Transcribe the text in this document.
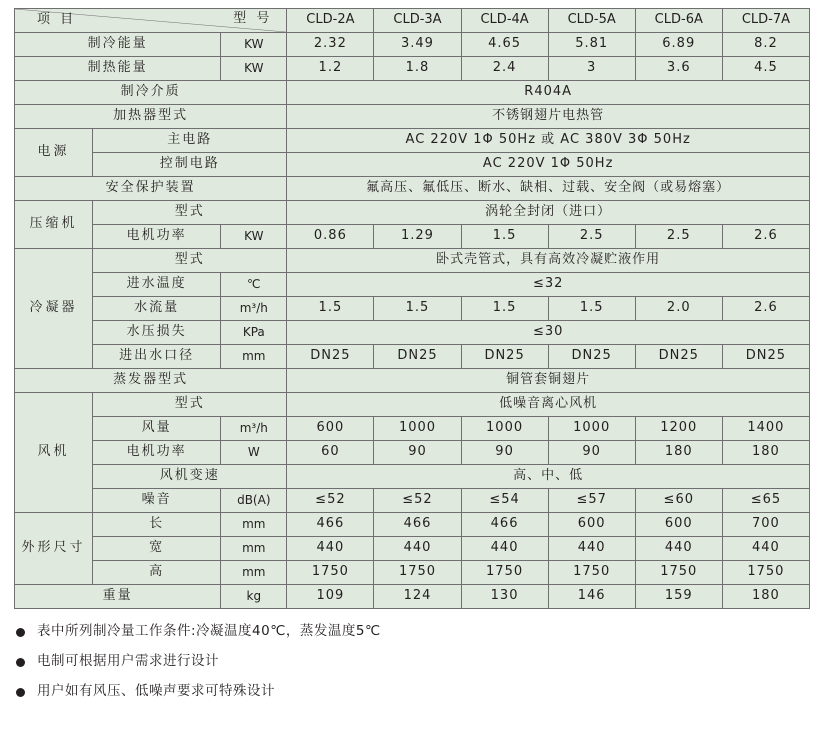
型 号
项 目			CLD-2A	CLD-3A	CLD-4A	CLD-5A	CLD-6A	CLD-7A
制冷能量		KW	2.32	3.49	4.65	5.81	6.89	8.2
制热能量		KW	1.2	1.8	2.4	3	3.6	4.5
制冷介质			R404A					
加热器型式			不锈钢翅片电热管					
电源	主电路		AC 220V 1Φ 50Hz 或 AC 380V 3Φ 50Hz					
	控制电路		AC 220V 1Φ 50Hz					
安全保护装置			氟高压、氟低压、断水、缺相、过载、安全阀（或易熔塞）					
压缩机	型式		涡轮全封闭（进口）					
	电机功率	KW	0.86	1.29	1.5	2.5	2.5	2.6
冷凝器	型式		卧式壳管式，具有高效冷凝贮液作用					
	进水温度	℃	≤32					
	水流量	m³/h	1.5	1.5	1.5	1.5	2.0	2.6
	水压损失	KPa	≤30					
	进出水口径	mm	DN25	DN25	DN25	DN25	DN25	DN25
蒸发器型式			铜管套铜翅片					
风机	型式		低噪音离心风机					
	风量	m³/h	600	1000	1000	1000	1200	1400
	电机功率	W	60	90	90	90	180	180
	风机变速		高、中、低					
	噪音	dB(A)	≤52	≤52	≤54	≤57	≤60	≤65
外形尺寸	长	mm	466	466	466	600	600	700
	宽	mm	440	440	440	440	440	440
	高	mm	1750	1750	1750	1750	1750	1750
重量		kg	109	124	130	146	159	180
表中所列制冷量工作条件:冷凝温度40℃，蒸发温度5℃
电制可根据用户需求进行设计
用户如有风压、低噪声要求可特殊设计
